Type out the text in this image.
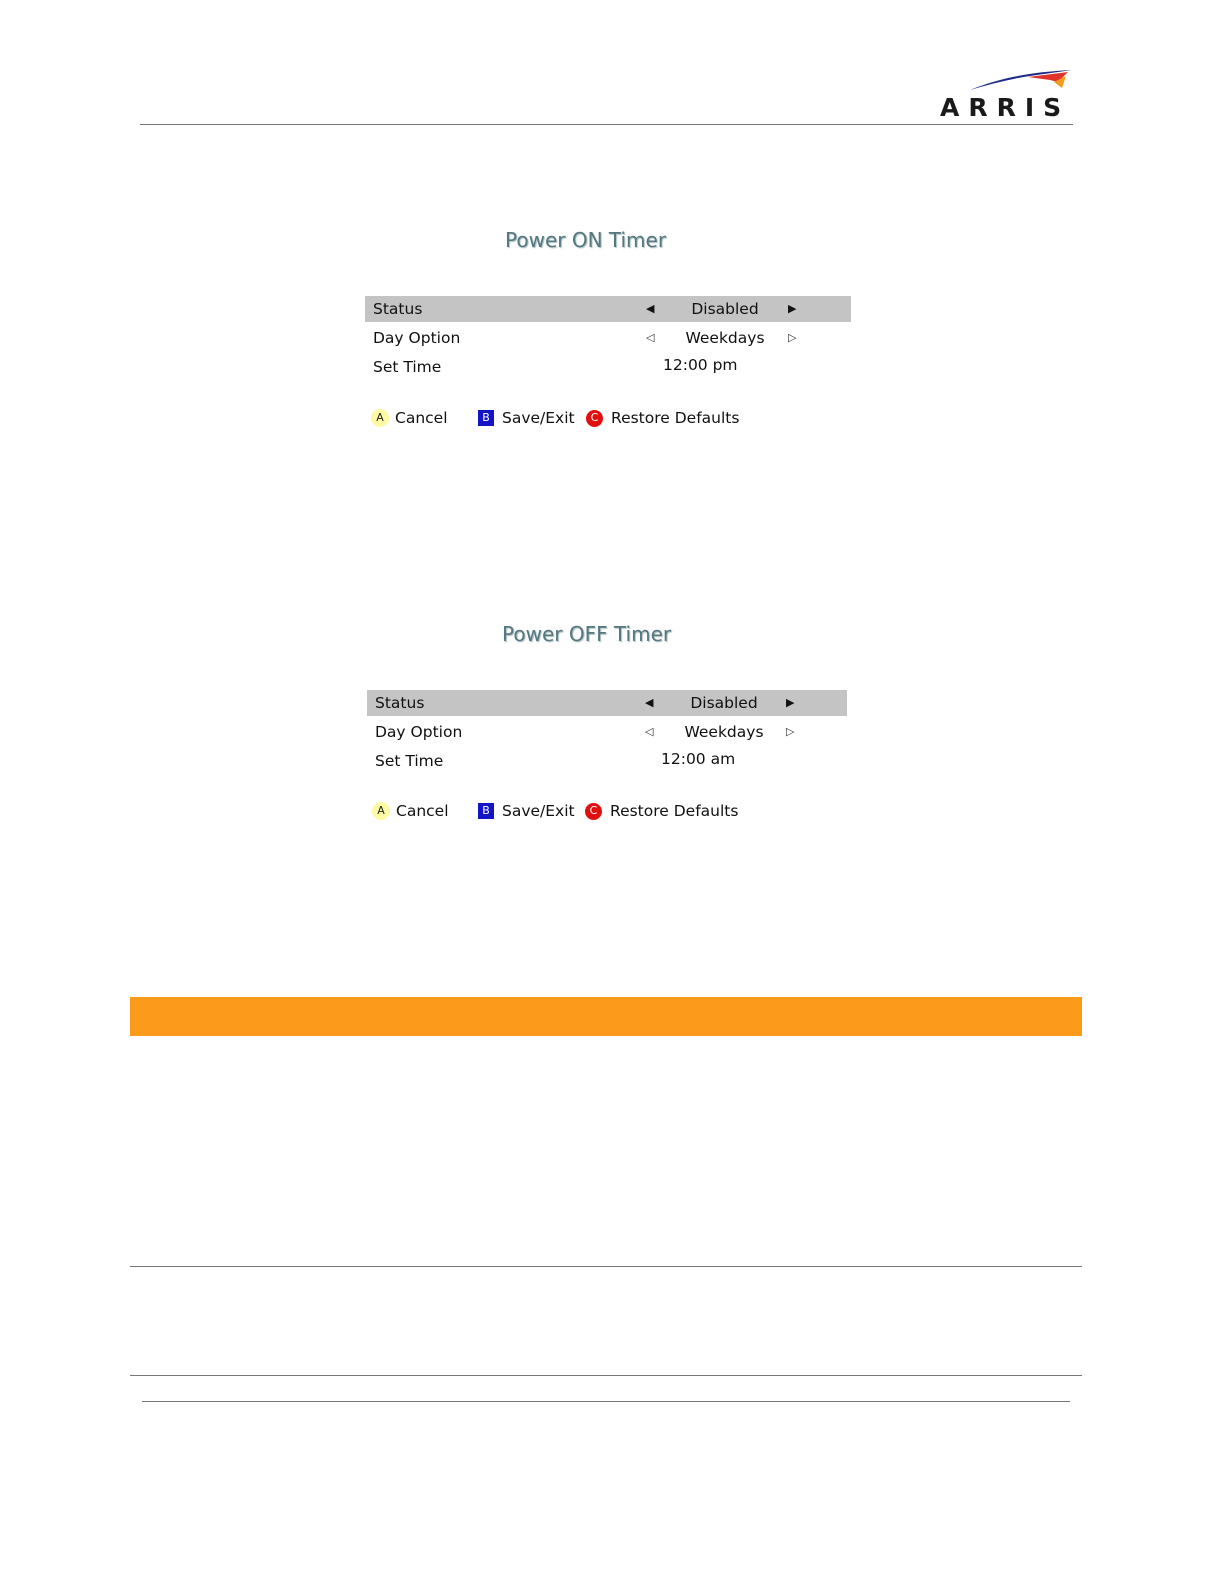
ARRIS
Power ON Timer
Status	◀	Disabled	▶
Day Option	◁	Weekdays	▷
Set Time	12:00 pm
A Cancel	B Save/Exit	C Restore Defaults
Power OFF Timer
Status	◀	Disabled	▶
Day Option	◁	Weekdays	▷
Set Time	12:00 am
A Cancel	B Save/Exit	C Restore Defaults
